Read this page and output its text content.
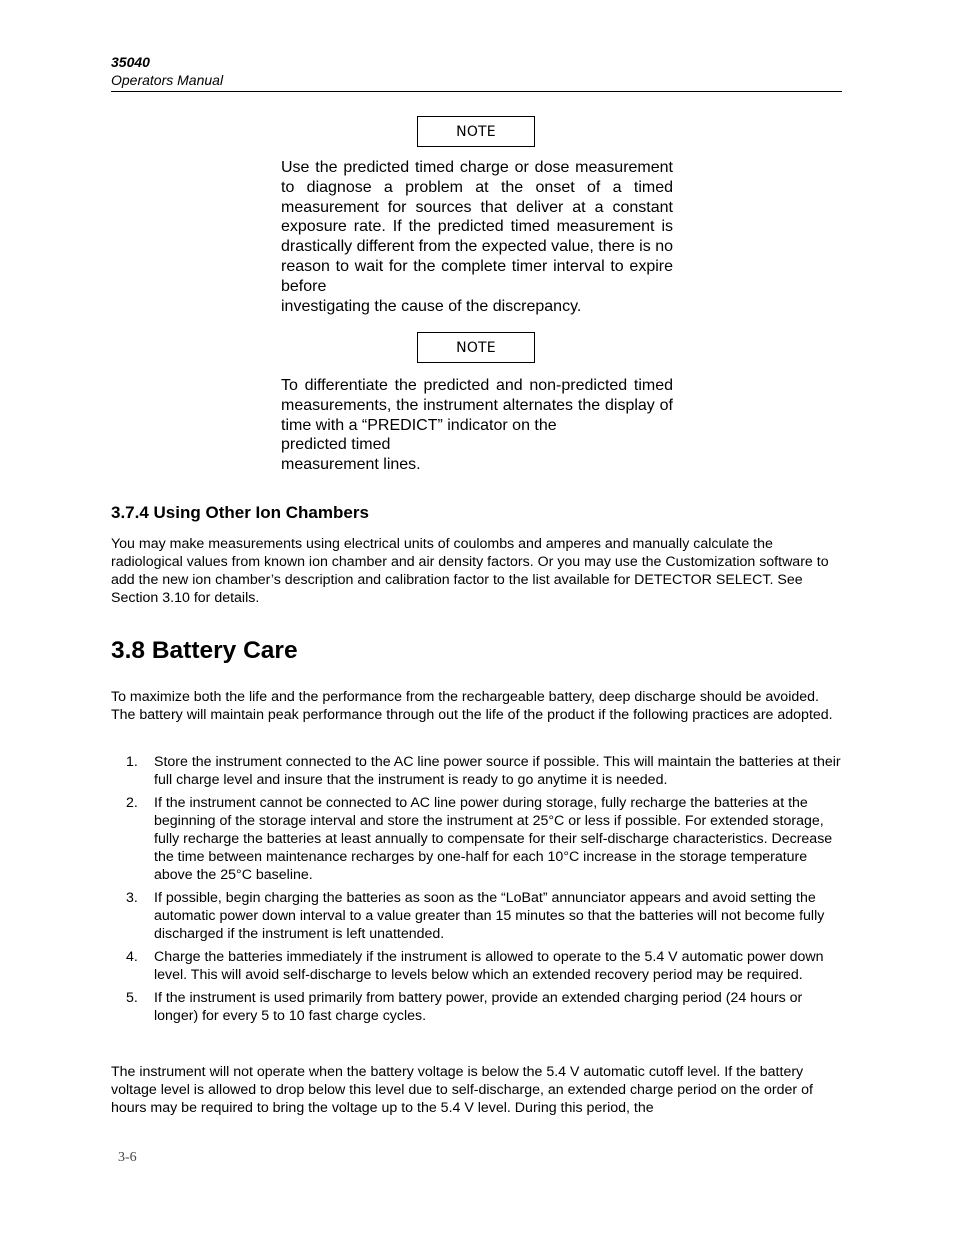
35040
Operators Manual
NOTE

Use the predicted timed charge or dose measurement to diagnose a problem at the onset of a timed measurement for sources that deliver at a constant exposure rate. If the predicted timed measurement is drastically different from the expected value, there is no reason to wait for the complete timer interval to expire before
investigating the cause of the discrepancy.

NOTE

To differentiate the predicted and non-predicted timed measurements, the instrument alternates the display of time with a “PREDICT” indicator on the
predicted timed
measurement lines.

3.7.4 Using Other Ion Chambers

You may make measurements using electrical units of coulombs and amperes and manually calculate the radiological values from known ion chamber and air density factors. Or you may use the Customization software to add the new ion chamber’s description and calibration factor to the list available for DETECTOR SELECT. See Section 3.10 for details.

3.8 Battery Care

To maximize both the life and the performance from the rechargeable battery, deep discharge should be avoided. The battery will maintain peak performance through out the life of the product if the following practices are adopted.

1. Store the instrument connected to the AC line power source if possible. This will maintain the batteries at their full charge level and insure that the instrument is ready to go anytime it is needed.
2. If the instrument cannot be connected to AC line power during storage, fully recharge the batteries at the beginning of the storage interval and store the instrument at 25°C or less if possible. For extended storage, fully recharge the batteries at least annually to compensate for their self-discharge characteristics. Decrease the time between maintenance recharges by one-half for each 10°C increase in the storage temperature above the 25°C baseline.
3. If possible, begin charging the batteries as soon as the “LoBat” annunciator appears and avoid setting the automatic power down interval to a value greater than 15 minutes so that the batteries will not become fully discharged if the instrument is left unattended.
4. Charge the batteries immediately if the instrument is allowed to operate to the 5.4 V automatic power down level. This will avoid self-discharge to levels below which an extended recovery period may be required.
5. If the instrument is used primarily from battery power, provide an extended charging period (24 hours or longer) for every 5 to 10 fast charge cycles.

The instrument will not operate when the battery voltage is below the 5.4 V automatic cutoff level. If the battery voltage level is allowed to drop below this level due to self-discharge, an extended charge period on the order of hours may be required to bring the voltage up to the 5.4 V level. During this period, the

3-6
